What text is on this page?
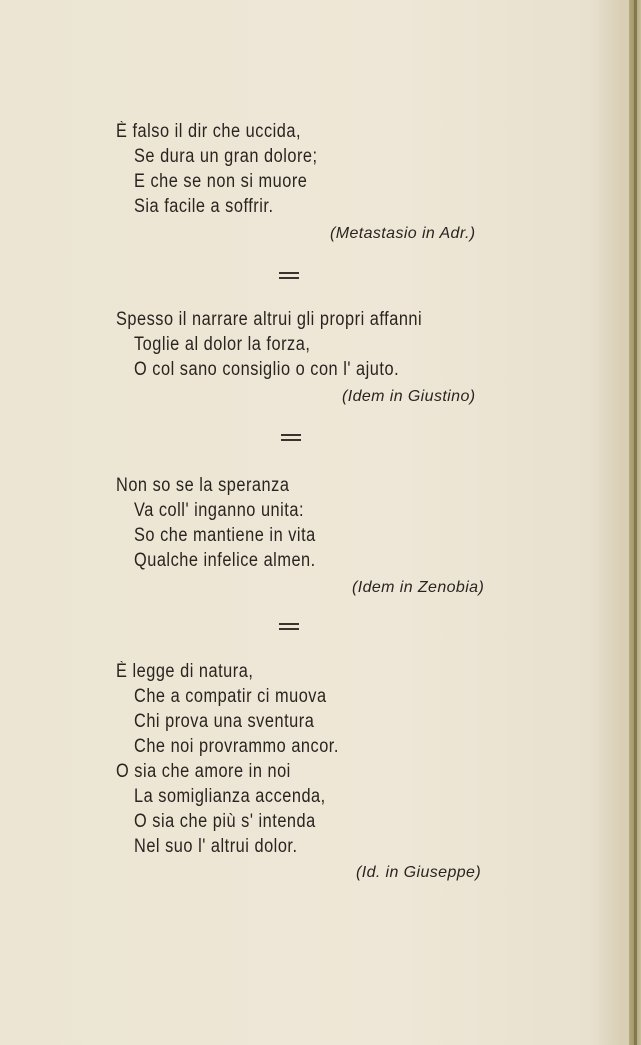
È falso il dir che uccida,
Se dura un gran dolore;
E che se non si muore
Sia facile a soffrir.
(Metastasio in Adr.)
Spesso il narrare altrui gli propri affanni
Toglie al dolor la forza,
O col sano consiglio o con l' ajuto.
(Idem in Giustino)
Non so se la speranza
Va coll' inganno unita:
So che mantiene in vita
Qualche infelice almen.
(Idem in Zenobia)
È legge di natura,
Che a compatir ci muova
Chi prova una sventura
Che noi provrammo ancor.
O sia che amore in noi
La somiglianza accenda,
O sia che più s' intenda
Nel suo l' altrui dolor.
(Id. in Giuseppe)
